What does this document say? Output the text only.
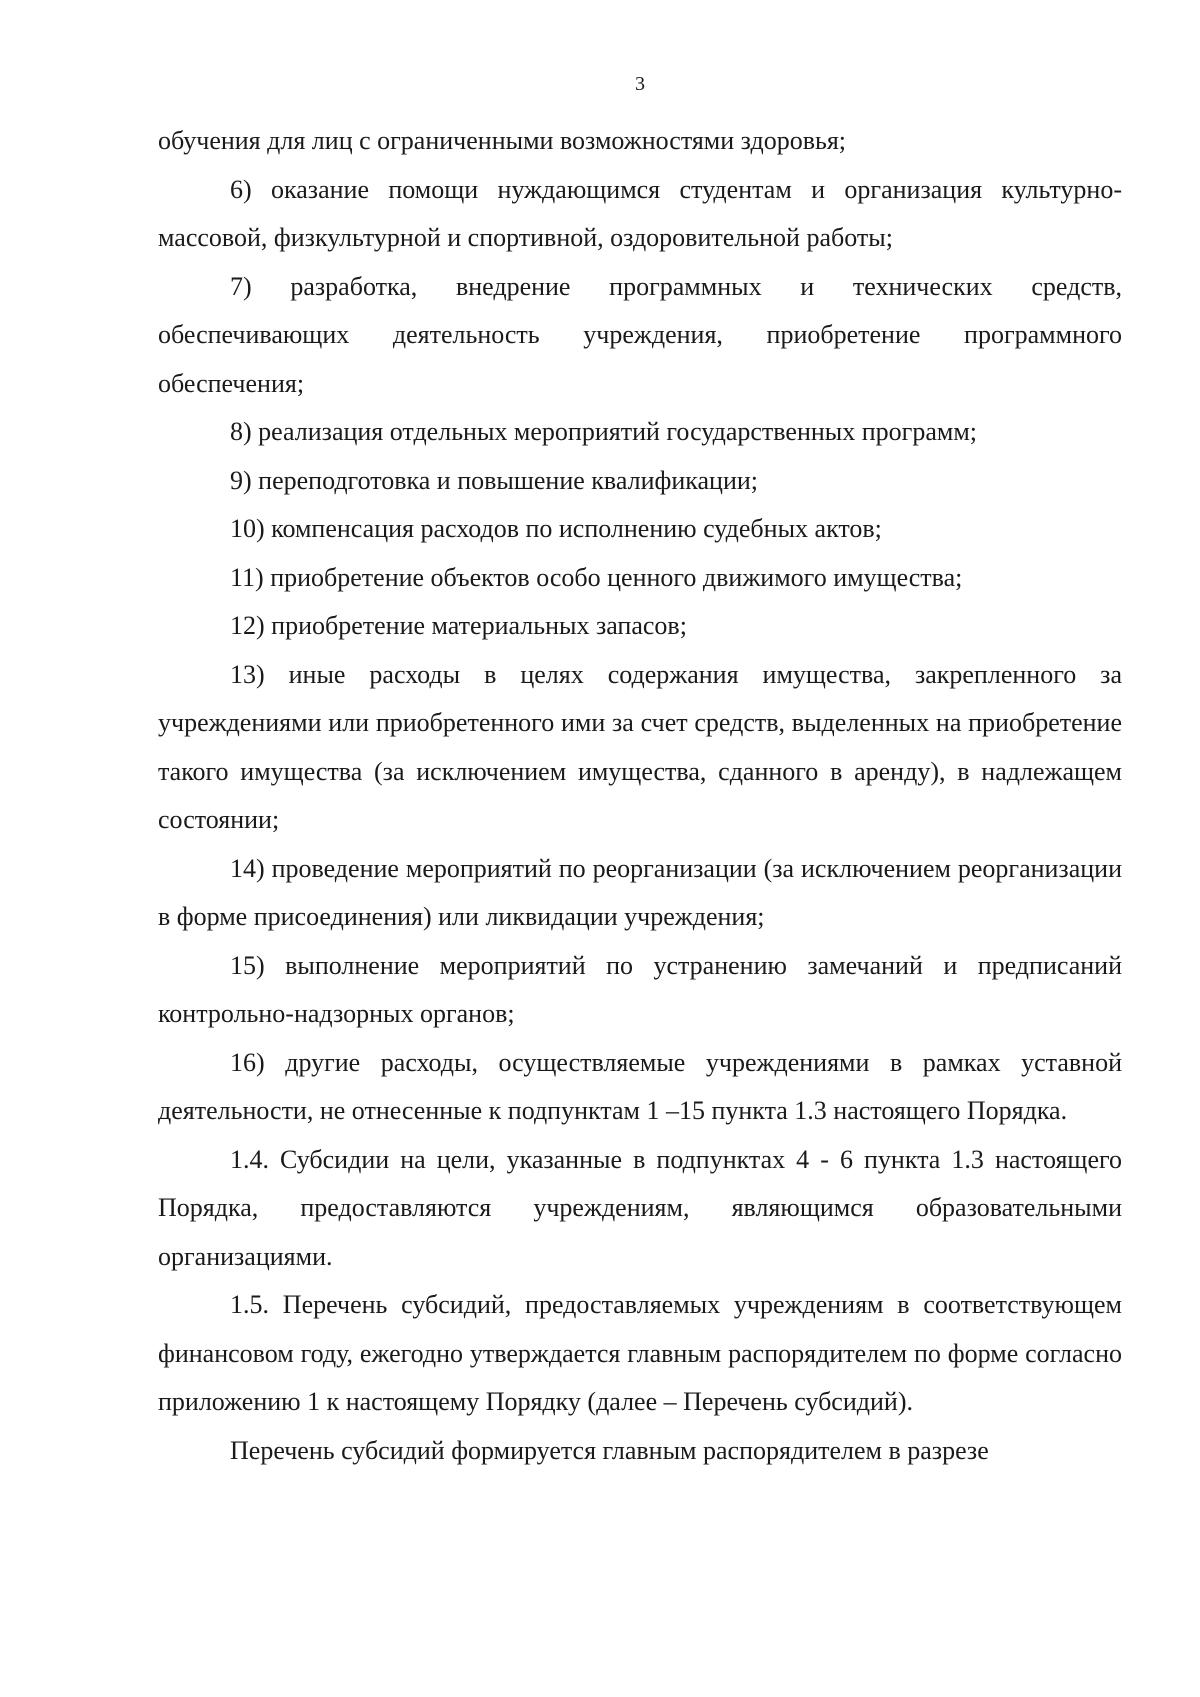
3

обучения для лиц с ограниченными возможностями здоровья;

6) оказание помощи нуждающимся студентам и организация культурно-массовой, физкультурной и спортивной, оздоровительной работы;

7) разработка, внедрение программных и технических средств, обеспечивающих деятельность учреждения, приобретение программного обеспечения;

8) реализация отдельных мероприятий государственных программ;

9) переподготовка и повышение квалификации;

10) компенсация расходов по исполнению судебных актов;

11) приобретение объектов особо ценного движимого имущества;

12) приобретение материальных запасов;

13) иные расходы в целях содержания имущества, закрепленного за учреждениями или приобретенного ими за счет средств, выделенных на приобретение такого имущества (за исключением имущества, сданного в аренду), в надлежащем состоянии;

14) проведение мероприятий по реорганизации (за исключением реорганизации в форме присоединения) или ликвидации учреждения;

15) выполнение мероприятий по устранению замечаний и предписаний контрольно-надзорных органов;

16) другие расходы, осуществляемые учреждениями в рамках уставной деятельности, не отнесенные к подпунктам 1 –15 пункта 1.3 настоящего Порядка.

1.4. Субсидии на цели, указанные в подпунктах 4 - 6 пункта 1.3 настоящего Порядка, предоставляются учреждениям, являющимся образовательными организациями.

1.5. Перечень субсидий, предоставляемых учреждениям в соответствующем финансовом году, ежегодно утверждается главным распорядителем по форме согласно приложению 1 к настоящему Порядку (далее – Перечень субсидий).

Перечень субсидий формируется главным распорядителем в разрезе
